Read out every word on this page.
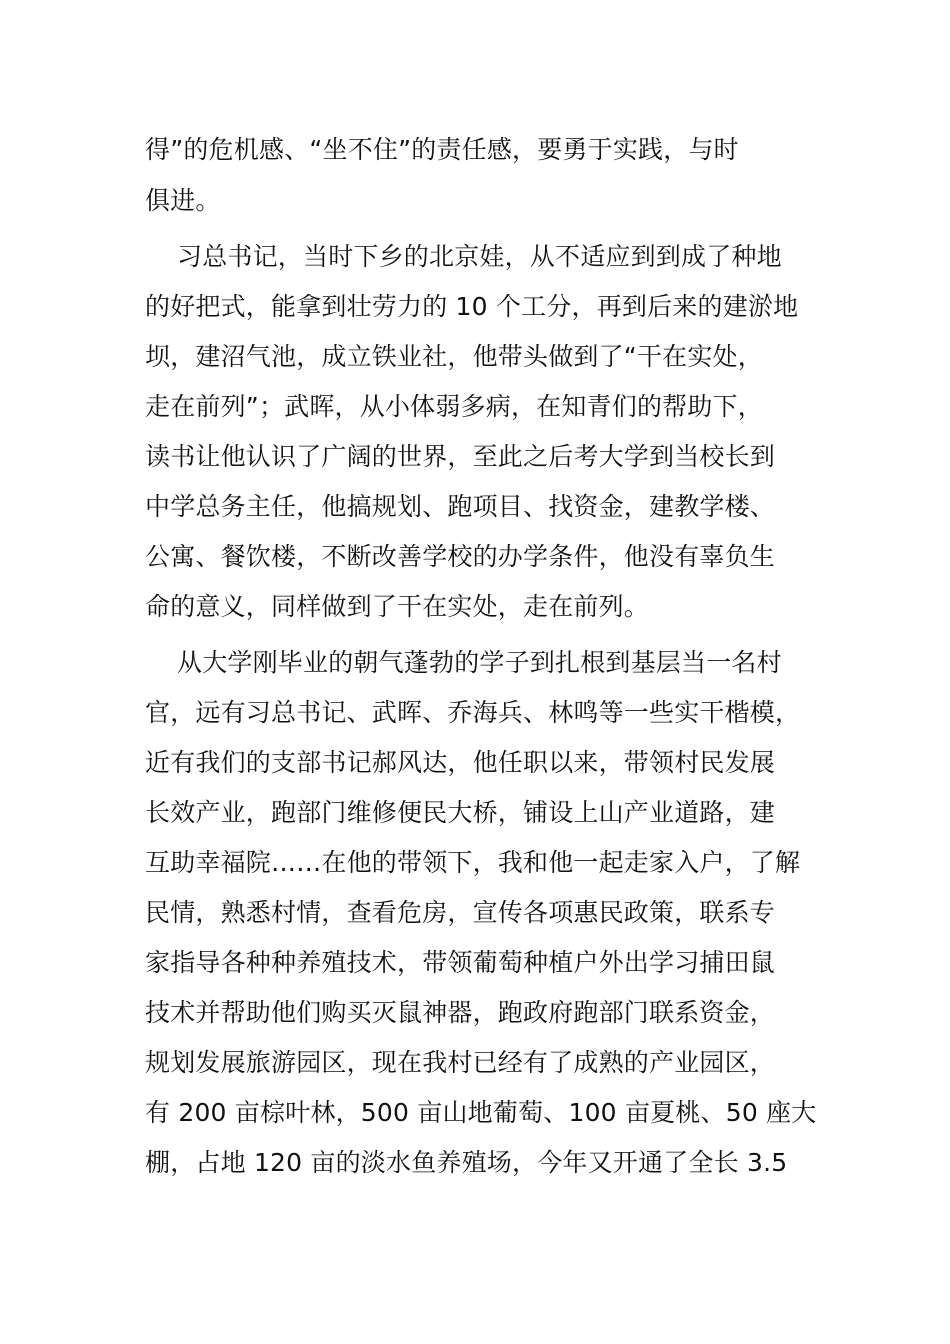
得”的危机感、“坐不住”的责任感，要勇于实践，与时
俱进。
习总书记，当时下乡的北京娃，从不适应到到成了种地
的好把式，能拿到壮劳力的 10 个工分，再到后来的建淤地
坝，建沼气池，成立铁业社，他带头做到了“干在实处，
走在前列”；武晖，从小体弱多病，在知青们的帮助下，
读书让他认识了广阔的世界，至此之后考大学到当校长到
中学总务主任，他搞规划、跑项目、找资金，建教学楼、
公寓、餐饮楼，不断改善学校的办学条件，他没有辜负生
命的意义，同样做到了干在实处，走在前列。
从大学刚毕业的朝气蓬勃的学子到扎根到基层当一名村
官，远有习总书记、武晖、乔海兵、林鸣等一些实干楷模，
近有我们的支部书记郝风达，他任职以来，带领村民发展
长效产业，跑部门维修便民大桥，铺设上山产业道路，建
互助幸福院……在他的带领下，我和他一起走家入户，了解
民情，熟悉村情，查看危房，宣传各项惠民政策，联系专
家指导各种种养殖技术，带领葡萄种植户外出学习捕田鼠
技术并帮助他们购买灭鼠神器，跑政府跑部门联系资金，
规划发展旅游园区，现在我村已经有了成熟的产业园区，
有 200 亩棕叶林，500 亩山地葡萄、100 亩夏桃、50 座大
棚，占地 120 亩的淡水鱼养殖场，今年又开通了全长 3.5
